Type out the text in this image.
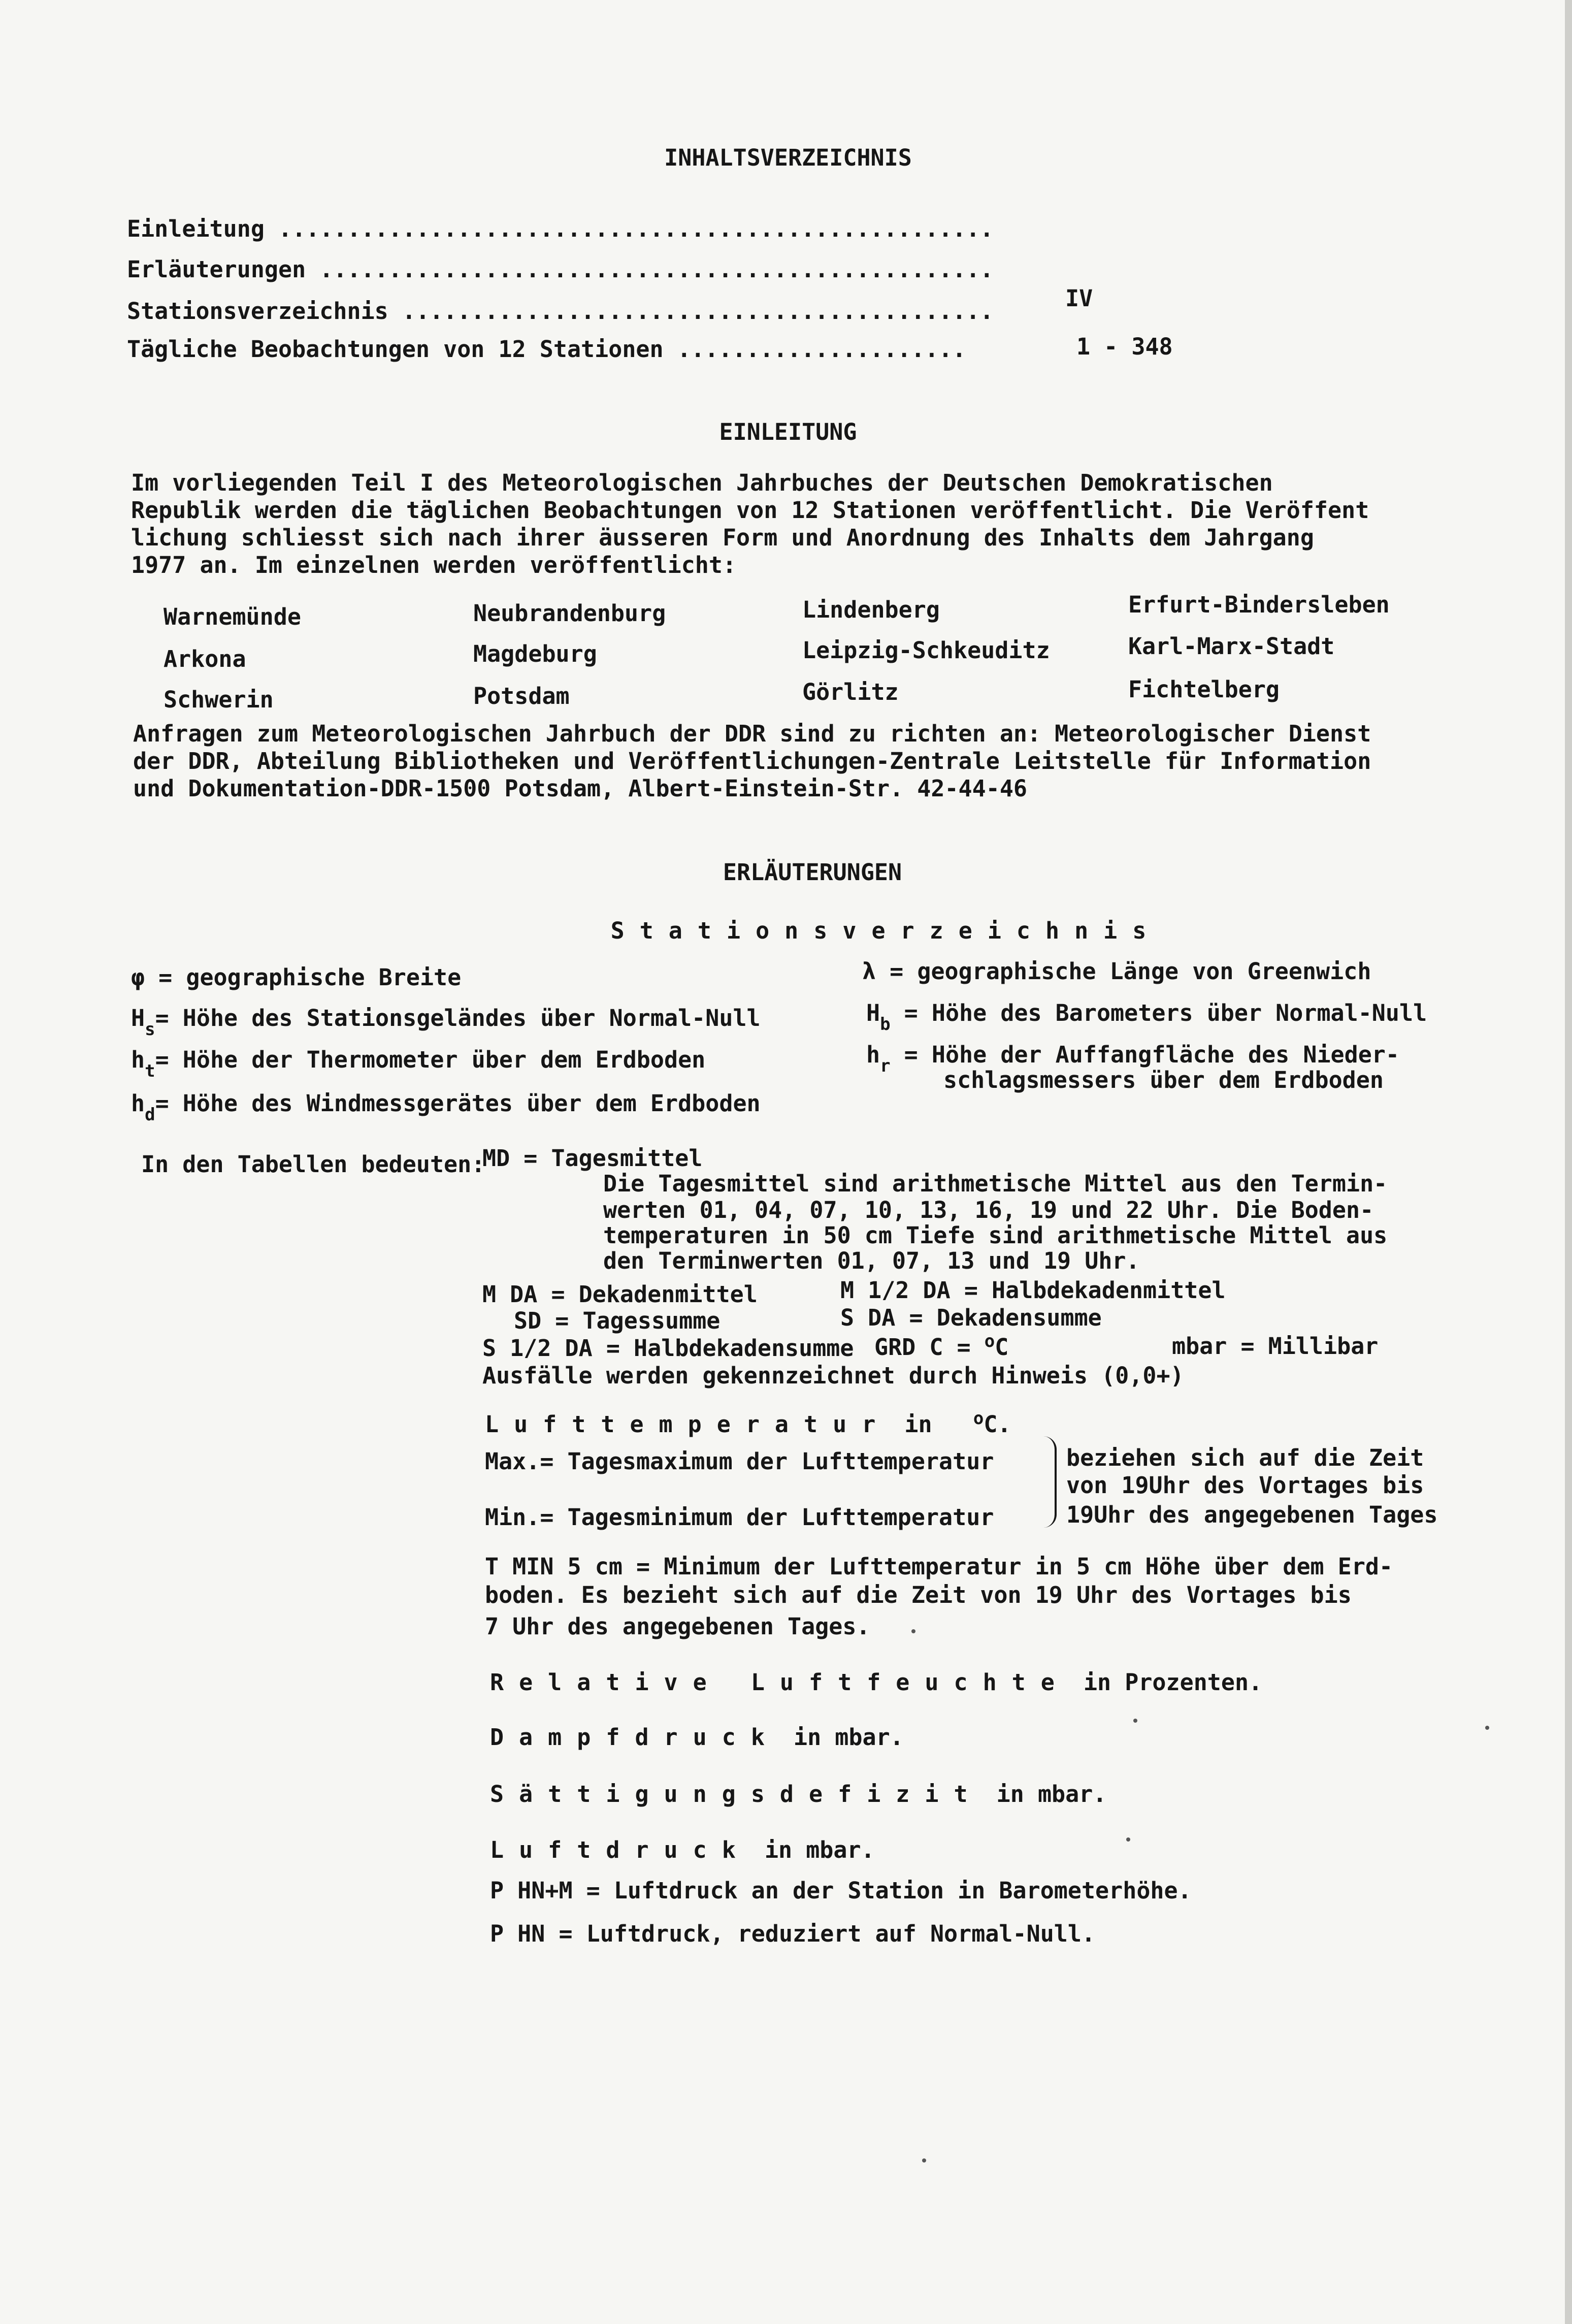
INHALTSVERZEICHNIS
Einleitung ....................................................
Erläuterungen .................................................
Stationsverzeichnis ...........................................	IV
Tägliche Beobachtungen von 12 Stationen .....................	1 - 348
EINLEITUNG
Im vorliegenden Teil I des Meteorologischen Jahrbuches der Deutschen Demokratischen
Republik werden die täglichen Beobachtungen von 12 Stationen veröffentlicht. Die Veröffent
lichung schliesst sich nach ihrer äusseren Form und Anordnung des Inhalts dem Jahrgang
1977 an. Im einzelnen werden veröffentlicht:
Warnemünde	Neubrandenburg	Lindenberg	Erfurt-Bindersleben
Arkona	Magdeburg	Leipzig-Schkeuditz	Karl-Marx-Stadt
Schwerin	Potsdam	Görlitz	Fichtelberg
Anfragen zum Meteorologischen Jahrbuch der DDR sind zu richten an: Meteorologischer Dienst
der DDR, Abteilung Bibliotheken und Veröffentlichungen-Zentrale Leitstelle für Information
und Dokumentation-DDR-1500 Potsdam, Albert-Einstein-Str. 42-44-46
ERLÄUTERUNGEN
Stationsverzeichnis
φ = geographische Breite	λ = geographische Länge von Greenwich
$H_s=$ Höhe des Stationsgeländes über Normal-Null	$H_b$ = Höhe des Barometers über Normal-Null
$h_t=$ Höhe der Thermometer über dem Erdboden	$h_r$ = Höhe der Auffangfläche des Nieder-
schlagsmessers über dem Erdboden
$h_d=$ Höhe des Windmessgerätes über dem Erdboden
In den Tabellen bedeuten:
MD = Tagesmittel
Die Tagesmittel sind arithmetische Mittel aus den Termin-
werten 01, 04, 07, 10, 13, 16, 19 und 22 Uhr. Die Boden-
temperaturen in 50 cm Tiefe sind arithmetische Mittel aus
den Terminwerten 01, 07, 13 und 19 Uhr.
M DA = Dekadenmittel	M 1/2 DA = Halbdekadenmittel
SD = Tagessumme	S DA = Dekadensumme
S 1/2 DA = Halbdekadensumme GRD C = $^o$C	mbar = Millibar
Ausfälle werden gekennzeichnet durch Hinweis (0,0+)
Lufttemperatur in $^o$C.
Max.= Tagesmaximum der Lufttemperatur
Min.= Tagesminimum der Lufttemperatur
beziehen sich auf die Zeit
von 19Uhr des Vortages bis
19Uhr des angegebenen Tages
T MIN 5 cm = Minimum der Lufttemperatur in 5 cm Höhe über dem Erd-
boden. Es bezieht sich auf die Zeit von 19 Uhr des Vortages bis
7 Uhr des angegebenen Tages.
Relative Luftfeuchte in Prozenten.
Dampfdruck in mbar.
Sättigungsdefizit in mbar.
Luftdruck in mbar.
P HN+M = Luftdruck an der Station in Barometerhöhe.
P HN = Luftdruck, reduziert auf Normal-Null.
